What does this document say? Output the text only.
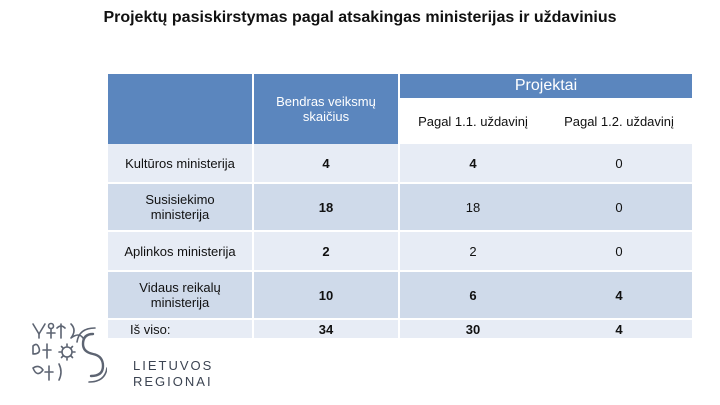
Projektų pasiskirstymas pagal atsakingas ministerijas ir uždavinius
Bendras veiksmų skaičius
Projektai
Pagal 1.1. uždavinį	Pagal 1.2. uždavinį
Kultūros ministerija	4	4	0
Susisiekimo ministerija	18	18	0
Aplinkos ministerija	2	2	0
Vidaus reikalų ministerija	10	6	4
Iš viso:	34	30	4
LIETUVOS
REGIONAI
